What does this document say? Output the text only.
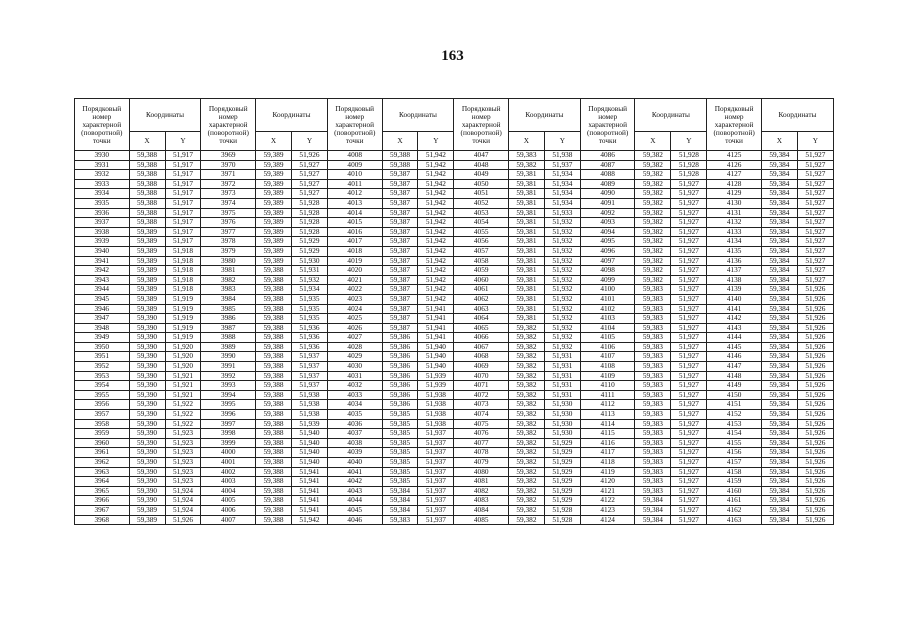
163
Порядковый номер характерной (поворотной) точки	Координаты		Порядковый номер характерной (поворотной) точки	Координаты		Порядковый номер характерной (поворотной) точки	Координаты		Порядковый номер характерной (поворотной) точки	Координаты		Порядковый номер характерной (поворотной) точки	Координаты		Порядковый номер характерной (поворотной) точки	Координаты	
	X	Y		X	Y		X	Y		X	Y		X	Y		X	Y
3930	59,388	51,917	3969	59,389	51,926	4008	59,388	51,942	4047	59,383	51,938	4086	59,382	51,928	4125	59,384	51,927
3931	59,388	51,917	3970	59,389	51,927	4009	59,388	51,942	4048	59,382	51,937	4087	59,382	51,928	4126	59,384	51,927
3932	59,388	51,917	3971	59,389	51,927	4010	59,387	51,942	4049	59,381	51,934	4088	59,382	51,928	4127	59,384	51,927
3933	59,388	51,917	3972	59,389	51,927	4011	59,387	51,942	4050	59,381	51,934	4089	59,382	51,927	4128	59,384	51,927
3934	59,388	51,917	3973	59,389	51,927	4012	59,387	51,942	4051	59,381	51,934	4090	59,382	51,927	4129	59,384	51,927
3935	59,388	51,917	3974	59,389	51,928	4013	59,387	51,942	4052	59,381	51,934	4091	59,382	51,927	4130	59,384	51,927
3936	59,388	51,917	3975	59,389	51,928	4014	59,387	51,942	4053	59,381	51,933	4092	59,382	51,927	4131	59,384	51,927
3937	59,388	51,917	3976	59,389	51,928	4015	59,387	51,942	4054	59,381	51,932	4093	59,382	51,927	4132	59,384	51,927
3938	59,389	51,917	3977	59,389	51,928	4016	59,387	51,942	4055	59,381	51,932	4094	59,382	51,927	4133	59,384	51,927
3939	59,389	51,917	3978	59,389	51,929	4017	59,387	51,942	4056	59,381	51,932	4095	59,382	51,927	4134	59,384	51,927
3940	59,389	51,918	3979	59,389	51,929	4018	59,387	51,942	4057	59,381	51,932	4096	59,382	51,927	4135	59,384	51,927
3941	59,389	51,918	3980	59,389	51,930	4019	59,387	51,942	4058	59,381	51,932	4097	59,382	51,927	4136	59,384	51,927
3942	59,389	51,918	3981	59,388	51,931	4020	59,387	51,942	4059	59,381	51,932	4098	59,382	51,927	4137	59,384	51,927
3943	59,389	51,918	3982	59,388	51,932	4021	59,387	51,942	4060	59,381	51,932	4099	59,382	51,927	4138	59,384	51,927
3944	59,389	51,918	3983	59,388	51,934	4022	59,387	51,942	4061	59,381	51,932	4100	59,383	51,927	4139	59,384	51,926
3945	59,389	51,919	3984	59,388	51,935	4023	59,387	51,942	4062	59,381	51,932	4101	59,383	51,927	4140	59,384	51,926
3946	59,389	51,919	3985	59,388	51,935	4024	59,387	51,941	4063	59,381	51,932	4102	59,383	51,927	4141	59,384	51,926
3947	59,390	51,919	3986	59,388	51,935	4025	59,387	51,941	4064	59,381	51,932	4103	59,383	51,927	4142	59,384	51,926
3948	59,390	51,919	3987	59,388	51,936	4026	59,387	51,941	4065	59,382	51,932	4104	59,383	51,927	4143	59,384	51,926
3949	59,390	51,919	3988	59,388	51,936	4027	59,386	51,941	4066	59,382	51,932	4105	59,383	51,927	4144	59,384	51,926
3950	59,390	51,920	3989	59,388	51,936	4028	59,386	51,940	4067	59,382	51,932	4106	59,383	51,927	4145	59,384	51,926
3951	59,390	51,920	3990	59,388	51,937	4029	59,386	51,940	4068	59,382	51,931	4107	59,383	51,927	4146	59,384	51,926
3952	59,390	51,920	3991	59,388	51,937	4030	59,386	51,940	4069	59,382	51,931	4108	59,383	51,927	4147	59,384	51,926
3953	59,390	51,921	3992	59,388	51,937	4031	59,386	51,939	4070	59,382	51,931	4109	59,383	51,927	4148	59,384	51,926
3954	59,390	51,921	3993	59,388	51,937	4032	59,386	51,939	4071	59,382	51,931	4110	59,383	51,927	4149	59,384	51,926
3955	59,390	51,921	3994	59,388	51,938	4033	59,386	51,938	4072	59,382	51,931	4111	59,383	51,927	4150	59,384	51,926
3956	59,390	51,922	3995	59,388	51,938	4034	59,386	51,938	4073	59,382	51,930	4112	59,383	51,927	4151	59,384	51,926
3957	59,390	51,922	3996	59,388	51,938	4035	59,385	51,938	4074	59,382	51,930	4113	59,383	51,927	4152	59,384	51,926
3958	59,390	51,922	3997	59,388	51,939	4036	59,385	51,938	4075	59,382	51,930	4114	59,383	51,927	4153	59,384	51,926
3959	59,390	51,923	3998	59,388	51,940	4037	59,385	51,937	4076	59,382	51,930	4115	59,383	51,927	4154	59,384	51,926
3960	59,390	51,923	3999	59,388	51,940	4038	59,385	51,937	4077	59,382	51,929	4116	59,383	51,927	4155	59,384	51,926
3961	59,390	51,923	4000	59,388	51,940	4039	59,385	51,937	4078	59,382	51,929	4117	59,383	51,927	4156	59,384	51,926
3962	59,390	51,923	4001	59,388	51,940	4040	59,385	51,937	4079	59,382	51,929	4118	59,383	51,927	4157	59,384	51,926
3963	59,390	51,923	4002	59,388	51,941	4041	59,385	51,937	4080	59,382	51,929	4119	59,383	51,927	4158	59,384	51,926
3964	59,390	51,923	4003	59,388	51,941	4042	59,385	51,937	4081	59,382	51,929	4120	59,383	51,927	4159	59,384	51,926
3965	59,390	51,924	4004	59,388	51,941	4043	59,384	51,937	4082	59,382	51,929	4121	59,383	51,927	4160	59,384	51,926
3966	59,390	51,924	4005	59,388	51,941	4044	59,384	51,937	4083	59,382	51,929	4122	59,384	51,927	4161	59,384	51,926
3967	59,389	51,924	4006	59,388	51,941	4045	59,384	51,937	4084	59,382	51,928	4123	59,384	51,927	4162	59,384	51,926
3968	59,389	51,926	4007	59,388	51,942	4046	59,383	51,937	4085	59,382	51,928	4124	59,384	51,927	4163	59,384	51,926
